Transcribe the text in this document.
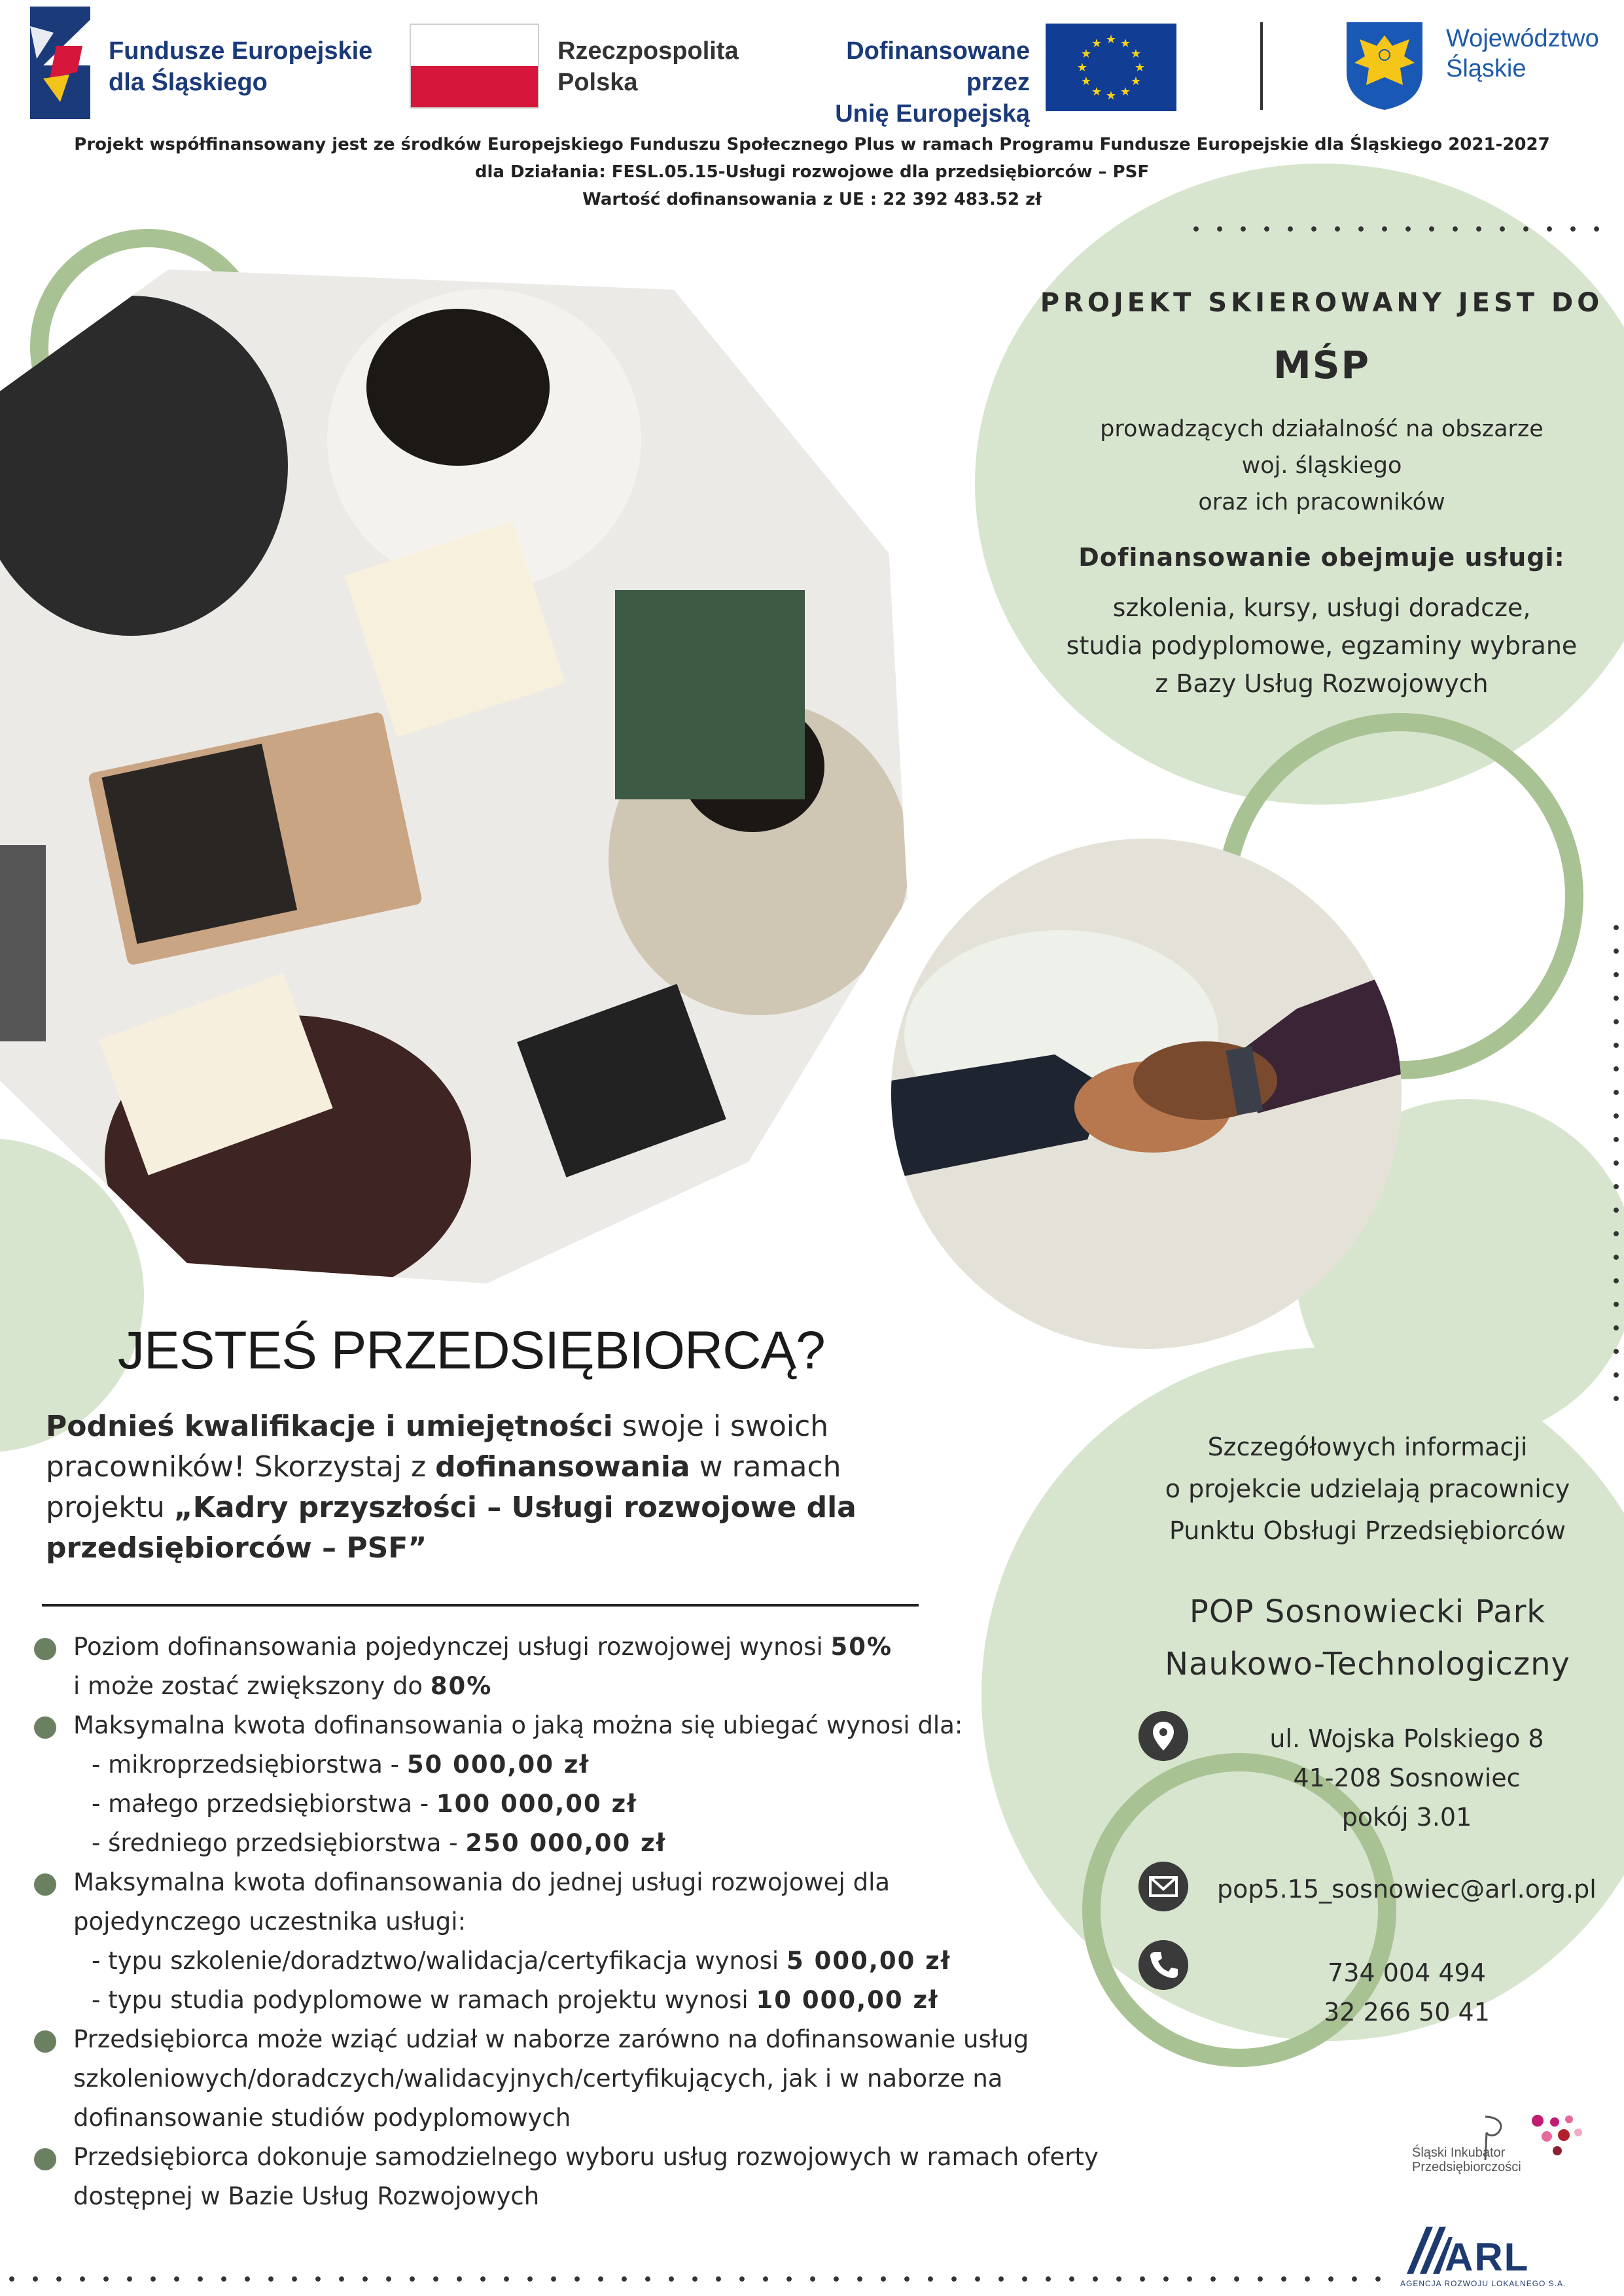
Fundusze Europejskie
dla Śląskiego
Rzeczpospolita
Polska
Dofinansowane przez
Unię Europejską
★ ★
★
★
★
★
★
★
★
★
★
★	Województwo
Śląskie
Projekt współfinansowany jest ze środków Europejskiego Funduszu Społecznego Plus w ramach Programu Fundusze Europejskie dla Śląskiego 2021-2027
dla Działania: FESL.05.15-Usługi rozwojowe dla przedsiębiorców – PSF
Wartość dofinansowania z UE : 22 392 483.52 zł
PROJEKT SKIEROWANY JEST DO
MŚP
prowadzących działalność na obszarze
woj. śląskiego
oraz ich pracowników
Dofinansowanie obejmuje usługi:
szkolenia, kursy, usługi doradcze,
studia podyplomowe, egzaminy wybrane
z Bazy Usług Rozwojowych
JESTEŚ PRZEDSIĘBIORCĄ?
Podnieś kwalifikacje i umiejętności swoje i swoich pracowników! Skorzystaj z dofinansowania w ramach projektu „Kadry przyszłości – Usługi rozwojowe dla przedsiębiorców – PSF”
Poziom dofinansowania pojedynczej usługi rozwojowej wynosi 50%
i może zostać zwiększony do 80%
Maksymalna kwota dofinansowania o jaką można się ubiegać wynosi dla:
- mikroprzedsiębiorstwa - 50 000,00 zł
- małego przedsiębiorstwa - 100 000,00 zł
- średniego przedsiębiorstwa - 250 000,00 zł
Maksymalna kwota dofinansowania do jednej usługi rozwojowej dla
pojedynczego uczestnika usługi:
- typu szkolenie/doradztwo/walidacja/certyfikacja wynosi 5 000,00 zł
- typu studia podyplomowe w ramach projektu wynosi 10 000,00 zł
Przedsiębiorca może wziąć udział w naborze zarówno na dofinansowanie usług
szkoleniowych/doradczych/walidacyjnych/certyfikujących, jak i w naborze na
dofinansowanie studiów podyplomowych
Przedsiębiorca dokonuje samodzielnego wyboru usług rozwojowych w ramach oferty
dostępnej w Bazie Usług Rozwojowych
Szczegółowych informacji
o projekcie udzielają pracownicy
Punktu Obsługi Przedsiębiorców
POP Sosnowiecki Park
Naukowo-Technologiczny
ul. Wojska Polskiego 8
41-208 Sosnowiec
pokój 3.01
pop5.15_sosnowiec@arl.org.pl
734 004 494
32 266 50 41
Śląski Inkubator
Przedsiębiorczości
ARL
AGENCJA ROZWOJU LOKALNEGO S.A.
